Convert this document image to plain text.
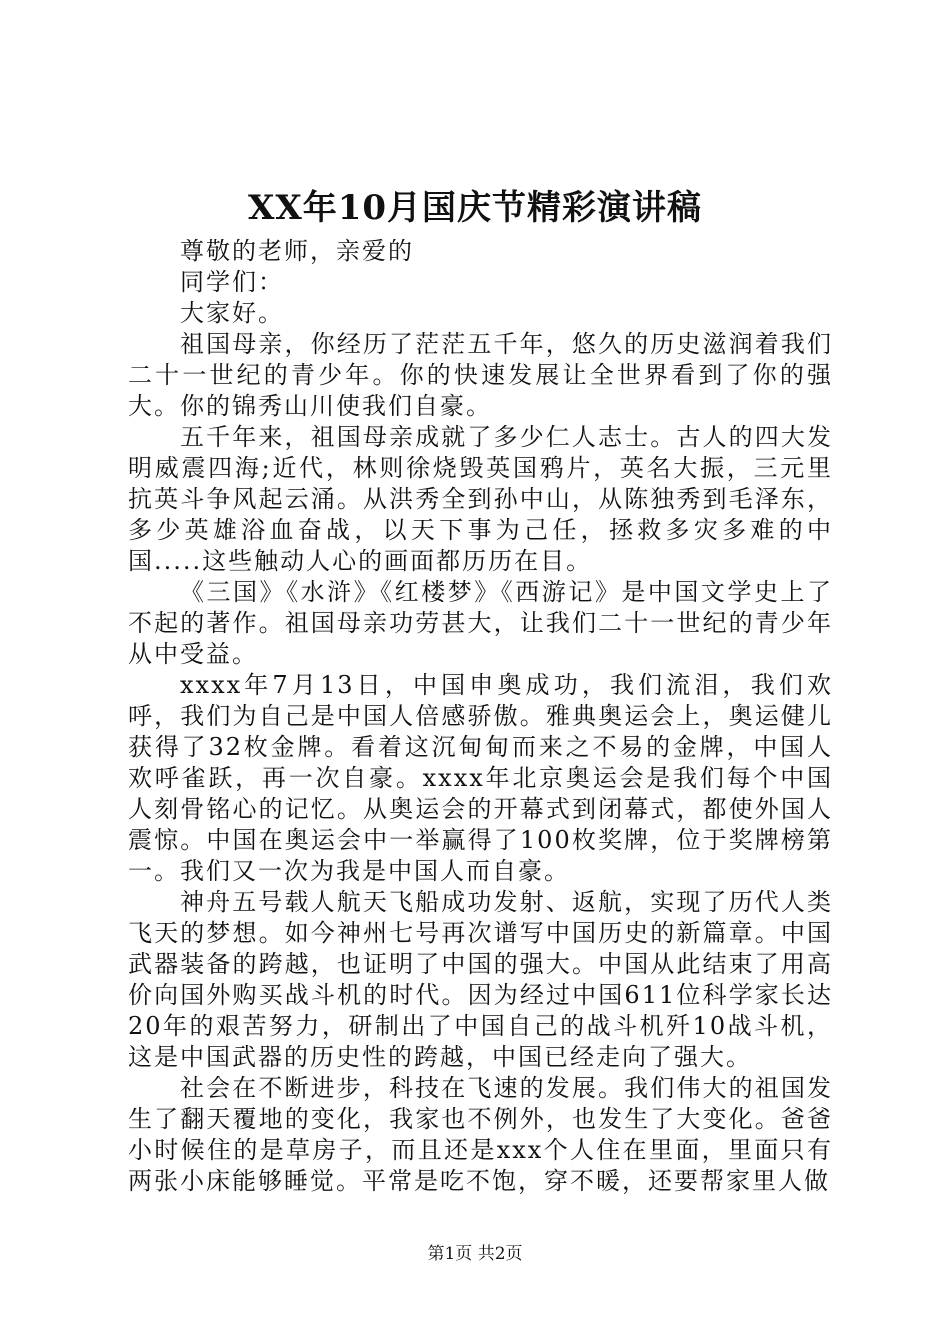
XX年10月国庆节精彩演讲稿

尊敬的老师，亲爱的

同学们：

大家好。

祖国母亲，你经历了茫茫五千年，悠久的历史滋润着我们二十一世纪的青少年。你的快速发展让全世界看到了你的强大。你的锦秀山川使我们自豪。

五千年来，祖国母亲成就了多少仁人志士。古人的四大发明威震四海;近代，林则徐烧毁英国鸦片，英名大振，三元里抗英斗争风起云涌。从洪秀全到孙中山，从陈独秀到毛泽东，多少英雄浴血奋战，以天下事为己任，拯救多灾多难的中国.....这些触动人心的画面都历历在目。

《三国》《水浒》《红楼梦》《西游记》是中国文学史上了不起的著作。祖国母亲功劳甚大，让我们二十一世纪的青少年从中受益。

xxxx年7月13日，中国申奥成功，我们流泪，我们欢呼，我们为自己是中国人倍感骄傲。雅典奥运会上，奥运健儿获得了32枚金牌。看着这沉甸甸而来之不易的金牌，中国人欢呼雀跃，再一次自豪。xxxx年北京奥运会是我们每个中国人刻骨铭心的记忆。从奥运会的开幕式到闭幕式，都使外国人震惊。中国在奥运会中一举赢得了100枚奖牌，位于奖牌榜第一。我们又一次为我是中国人而自豪。

神舟五号载人航天飞船成功发射、返航，实现了历代人类飞天的梦想。如今神州七号再次谱写中国历史的新篇章。中国武器装备的跨越，也证明了中国的强大。中国从此结束了用高价向国外购买战斗机的时代。因为经过中国611位科学家长达20年的艰苦努力，研制出了中国自己的战斗机歼10战斗机，这是中国武器的历史性的跨越，中国已经走向了强大。

社会在不断进步，科技在飞速的发展。我们伟大的祖国发生了翻天覆地的变化，我家也不例外，也发生了大变化。爸爸小时候住的是草房子，而且还是xxx个人住在里面，里面只有两张小床能够睡觉。平常是吃不饱，穿不暖，还要帮家里人做

第1页 共2页
